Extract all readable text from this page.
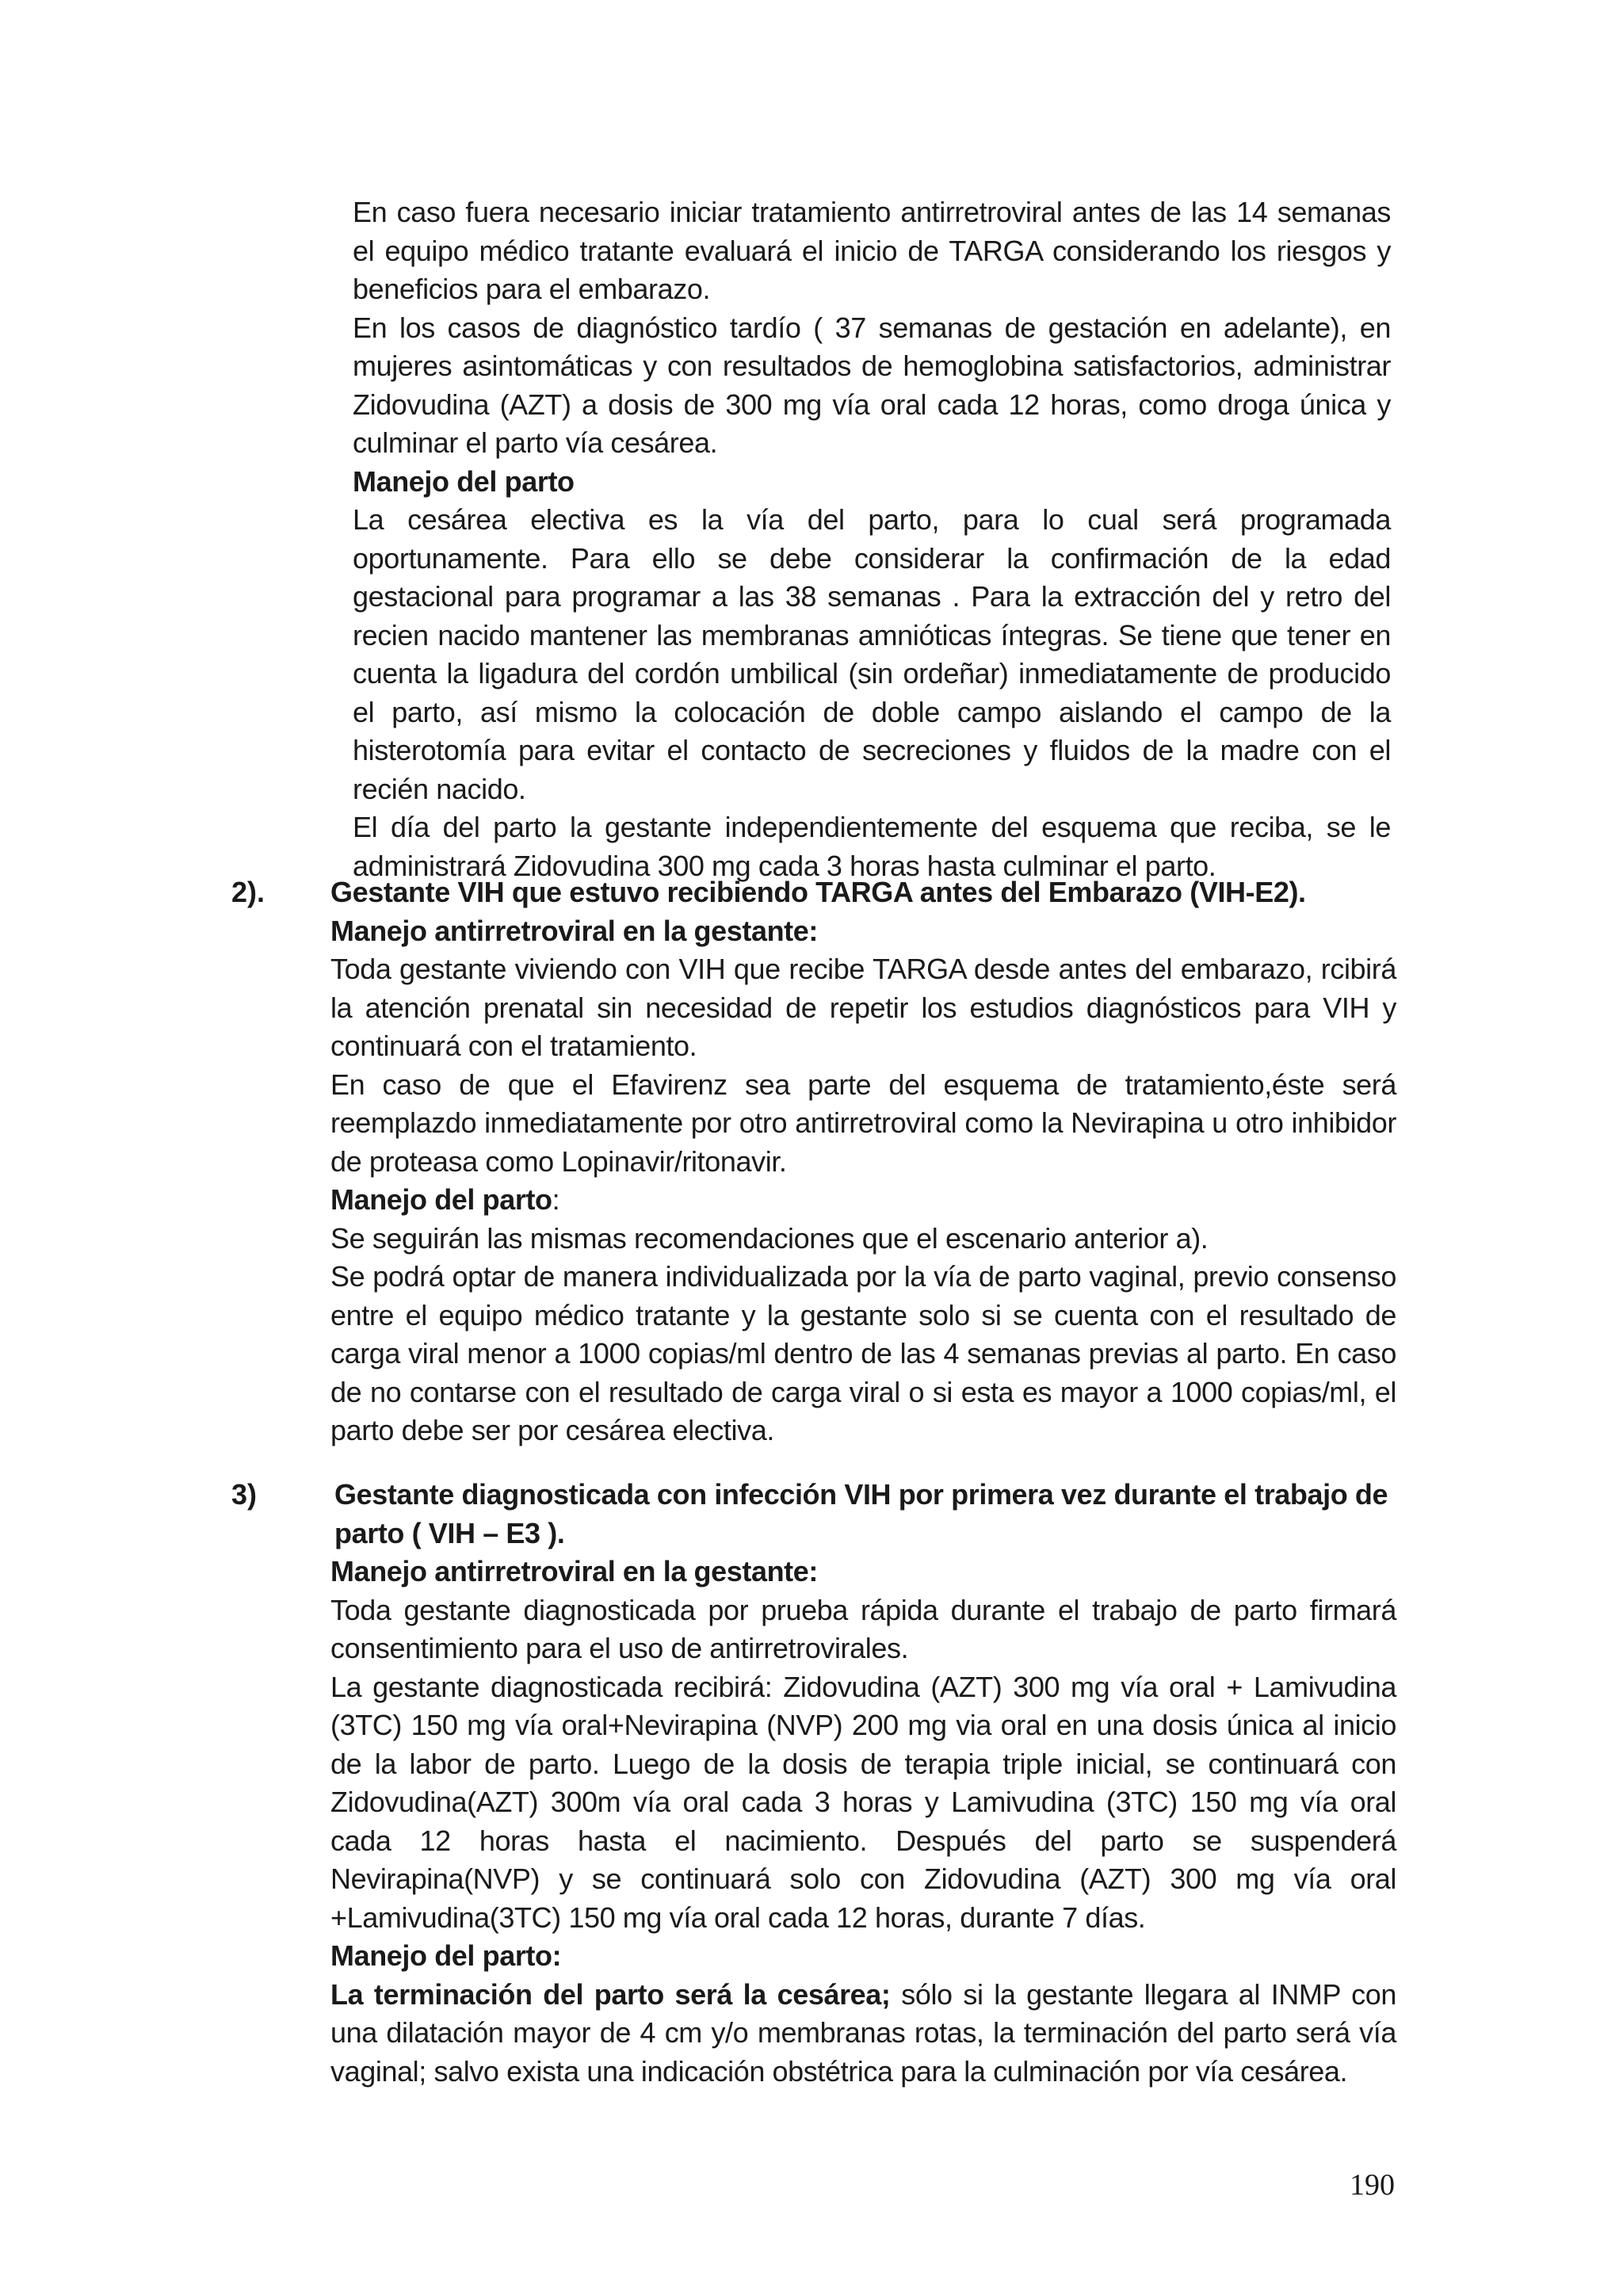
En caso fuera necesario iniciar tratamiento antirretroviral antes de las 14 semanas el equipo médico tratante evaluará el inicio de TARGA considerando los riesgos y beneficios para el embarazo.

En los casos de diagnóstico tardío ( 37 semanas de gestación en adelante), en mujeres asintomáticas y con resultados de hemoglobina satisfactorios, administrar Zidovudina (AZT) a dosis de 300 mg vía oral cada 12 horas, como droga única y culminar el parto vía cesárea.

Manejo del parto

La cesárea electiva es la vía del parto, para lo cual será programada oportunamente. Para ello se debe considerar la confirmación de la edad gestacional para programar a las 38 semanas . Para la extracción del y retro del recien nacido mantener las membranas amnióticas íntegras. Se tiene que tener en cuenta la ligadura del cordón umbilical (sin ordeñar) inmediatamente de producido el parto, así mismo la colocación de doble campo aislando el campo de la histerotomía para evitar el contacto de secreciones y fluidos de la madre con el recién nacido.

El día del parto la gestante independientemente del esquema que reciba, se le administrará Zidovudina 300 mg cada 3 horas hasta culminar el parto.

2). Gestante VIH que estuvo recibiendo TARGA antes del Embarazo (VIH-E2).

Manejo antirretroviral en la gestante:

Toda gestante viviendo con VIH que recibe TARGA desde antes del embarazo, rcibirá la atención prenatal sin necesidad de repetir los estudios diagnósticos para VIH y continuará con el tratamiento.

En caso de que el Efavirenz sea parte del esquema de tratamiento,éste será reemplazdo inmediatamente por otro antirretroviral como la Nevirapina u otro inhibidor de proteasa como Lopinavir/ritonavir.

Manejo del parto:

Se seguirán las mismas recomendaciones que el escenario anterior a).

Se podrá optar de manera individualizada por la vía de parto vaginal, previo consenso entre el equipo médico tratante y la gestante solo si se cuenta con el resultado de carga viral menor a 1000 copias/ml dentro de las 4 semanas previas al parto. En caso de no contarse con el resultado de carga viral o si esta es mayor a 1000 copias/ml, el parto debe ser por cesárea electiva.

3)	Gestante diagnosticada con infección VIH por primera vez durante el trabajo de parto ( VIH – E3 ).

Manejo antirretroviral en la gestante:

Toda gestante diagnosticada por prueba rápida durante el trabajo de parto firmará consentimiento para el uso de antirretrovirales.

La gestante diagnosticada recibirá: Zidovudina (AZT) 300 mg vía oral + Lamivudina (3TC) 150 mg vía oral+Nevirapina (NVP) 200 mg via oral en una dosis única al inicio de la labor de parto. Luego de la dosis de terapia triple inicial, se continuará con Zidovudina(AZT) 300m vía oral cada 3 horas y Lamivudina (3TC) 150 mg vía oral cada 12 horas hasta el nacimiento. Después del parto se suspenderá Nevirapina(NVP) y se continuará solo con Zidovudina (AZT) 300 mg vía oral +Lamivudina(3TC) 150 mg vía oral cada 12 horas, durante 7 días.

Manejo del parto:

La terminación del parto será la cesárea; sólo si la gestante llegara al INMP con una dilatación mayor de 4 cm y/o membranas rotas, la terminación del parto será vía vaginal; salvo exista una indicación obstétrica para la culminación por vía cesárea.

190
